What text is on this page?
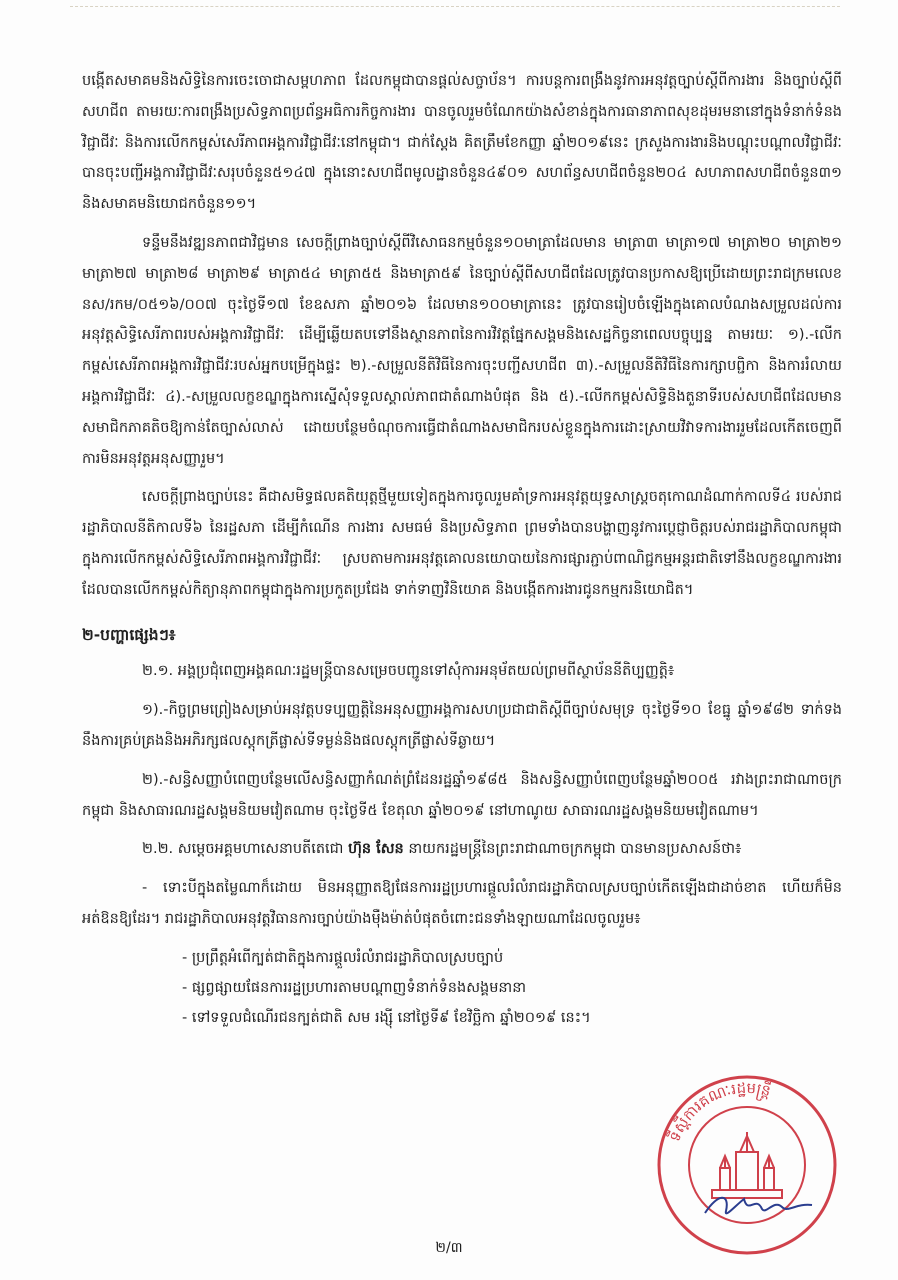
បង្កើតសមាគមនិងសិទ្ធិនៃការចេះចោជាសម្ពហភាព ដែលកម្ពុជាបានផ្តល់សច្ចាប័ន។ ការបន្តការពង្រឹងនូវការអនុវត្តច្បាប់ស្តីពីការងារ និងច្បាប់ស្តីពីសហជីព តាមរយៈការពង្រឹងប្រសិទ្ធភាពប្រព័ន្ធអធិការកិច្ចការងារ បានចូលរួមចំណែកយ៉ាងសំខាន់ក្នុងការធានាភាពសុខដុមរមនានៅក្នុងទំនាក់ទំនងវិជ្ជាជីវៈ និងការលើកកម្ពស់សេរីភាពអង្គការវិជ្ជាជីវៈនៅកម្ពុជា។ ជាក់ស្តែង គិតត្រឹមខែកញ្ញា ឆ្នាំ២០១៩នេះ ក្រសួងការងារនិងបណ្តុះបណ្តាលវិជ្ជាជីវៈ បានចុះបញ្ជីអង្គការវិជ្ជាជីវៈសរុបចំនួន៥១៤៧ ក្នុងនោះសហជីពមូលដ្ឋានចំនួន៤៩០១ សហព័ន្ធសហជីពចំនួន២០៤ សហភាពសហជីពចំនួន៣១ និងសមាគមនិយោជកចំនួន១១។

ទន្ទឹមនឹងវឌ្ឍនភាពជាវិជ្ជមាន សេចក្តីព្រាងច្បាប់ស្តីពីវិសោធនកម្មចំនួន១០មាត្រាដែលមាន មាត្រា៣ មាត្រា១៧ មាត្រា២០ មាត្រា២១ មាត្រា២៧ មាត្រា២៨ មាត្រា២៩ មាត្រា៥៤ មាត្រា៥៥ និងមាត្រា៥៩ នៃច្បាប់ស្តីពីសហជីពដែលត្រូវបានប្រកាសឱ្យប្រើដោយព្រះរាជក្រមលេខ នស/រកម/០៥១៦/០០៧ ចុះថ្ងៃទី១៧ ខែឧសភា ឆ្នាំ២០១៦ ដែលមាន១០០មាត្រានេះ ត្រូវបានរៀបចំឡើងក្នុងគោលបំណងសម្រួលដល់ការអនុវត្តសិទ្ធិសេរីភាពរបស់អង្គការវិជ្ជាជីវៈ ដើម្បីឆ្លើយតបទៅនឹងស្ថានភាពនៃការវិវត្តផ្នែកសង្គមនិងសេដ្ឋកិច្ចនាពេលបច្ចុប្បន្ន តាមរយៈ ១).-លើកកម្ពស់សេរីភាពអង្គការវិជ្ជាជីវៈរបស់អ្នកបម្រើក្នុងផ្ទះ ២).-សម្រួលនីតិវិធីនៃការចុះបញ្ជីសហជីព ៣).-សម្រួលនីតិវិធីនៃការក្សាបព្ជិកា និងការរំលាយអង្គការវិជ្ជាជីវៈ ៤).-សម្រួលលក្ខខណ្ឌក្នុងការស្នើសុំទទួលស្គាល់ភាពជាតំណាងបំផុត និង ៥).-លើកកម្ពស់សិទ្ធិនិងតួនាទីរបស់សហជីពដែលមានសមាជិកភាគតិចឱ្យកាន់តែច្បាស់លាស់ ដោយបន្ថែមចំណុចការធ្វើជាតំណាងសមាជិករបស់ខ្លួនក្នុងការដោះស្រាយវិវាទការងាររួមដែលកើតចេញពីការមិនអនុវត្តអនុសញ្ញារួម។

សេចក្តីព្រាងច្បាប់នេះ គឺជាសមិទ្ធផលគតិយុត្តថ្មីមួយទៀតក្នុងការចូលរួមគាំទ្រការអនុវត្តយុទ្ធសាស្ត្រចតុកោណដំណាក់កាលទី៤ របស់រាជរដ្ឋាភិបាលនីតិកាលទី៦ នៃរដ្ឋសភា ដើម្បីកំណើន ការងារ សមធម៌ និងប្រសិទ្ធភាព ព្រមទាំងបានបង្ហាញនូវការប្តេជ្ញាចិត្តរបស់រាជរដ្ឋាភិបាលកម្ពុជា ក្នុងការលើកកម្ពស់សិទ្ធិសេរីភាពអង្គការវិជ្ជាជីវៈ ស្របតាមការអនុវត្តគោលនយោបាយនៃការផ្សារភ្ជាប់ពាណិជ្ជកម្មអន្តរជាតិទៅនឹងលក្ខខណ្ឌការងារ ដែលបានលើកកម្ពស់កិត្យានុភាពកម្ពុជាក្នុងការប្រកួតប្រជែង ទាក់ទាញវិនិយោគ និងបង្កើតការងារជូនកម្មករនិយោជិត។

២-បញ្ហាផ្សេងៗ៖

២.១. អង្គប្រជុំពេញអង្គគណៈរដ្ឋមន្ត្រីបានសម្រេចបញ្ជូនទៅសុំការអនុម័តយល់ព្រមពីស្ថាប័ននីតិប្បញ្ញត្តិ៖

១).-កិច្ចព្រមព្រៀងសម្រាប់អនុវត្តបទប្បញ្ញត្តិនៃអនុសញ្ញាអង្គការសហប្រជាជាតិស្តីពីច្បាប់សមុទ្រ ចុះថ្ងៃទី១០ ខែធ្នូ ឆ្នាំ១៩៨២ ទាក់ទងនឹងការគ្រប់គ្រងនិងអភិរក្សផលស្តុកត្រីផ្លាស់ទីទម្ងន់និងផលស្តុកត្រីផ្លាស់ទីឆ្ងាយ។

២).-សន្ធិសញ្ញាបំពេញបន្ថែមលើសន្ធិសញ្ញាកំណត់ព្រំដែនរដ្ឋឆ្នាំ១៩៨៥ និងសន្ធិសញ្ញាបំពេញបន្ថែមឆ្នាំ២០០៥ រវាងព្រះរាជាណាចក្រកម្ពុជា និងសាធារណរដ្ឋសង្គមនិយមវៀតណាម ចុះថ្ងៃទី៥ ខែតុលា ឆ្នាំ២០១៩ នៅហាណូយ សាធារណរដ្ឋសង្គមនិយមវៀតណាម។

២.២. សម្តេចអគ្គមហាសេនាបតីតេជោ ហ៊ុន សែន នាយករដ្ឋមន្ត្រីនៃព្រះរាជាណាចក្រកម្ពុជា បានមានប្រសាសន៍ថា៖

- ទោះបីក្នុងតម្លៃណាក៏ដោយ មិនអនុញ្ញាតឱ្យផែនការរដ្ឋប្រហារផ្តួលរំលំរាជរដ្ឋាភិបាលស្របច្បាប់កើតឡើងជាដាច់ខាត ហើយក៏មិនអត់ឱនឱ្យដែរ។ រាជរដ្ឋាភិបាលអនុវត្តវិធានការច្បាប់យ៉ាងម៉ឺងម៉ាត់បំផុតចំពោះជនទាំងឡាយណាដែលចូលរួម៖

- ប្រព្រឹត្តអំពើក្បត់ជាតិក្នុងការផ្តួលរំលំរាជរដ្ឋាភិបាលស្របច្បាប់

- ផ្សព្វផ្សាយផែនការរដ្ឋប្រហារតាមបណ្តាញទំនាក់ទំនងសង្គមនានា

- ទៅទទួលជំណើរជនក្បត់ជាតិ សម រង្ស៊ី នៅថ្ងៃទី៩ ខែវិច្ឆិកា ឆ្នាំ២០១៩ នេះ។

ទីស្តីការគណៈរដ្ឋមន្ត្រី
២/៣
